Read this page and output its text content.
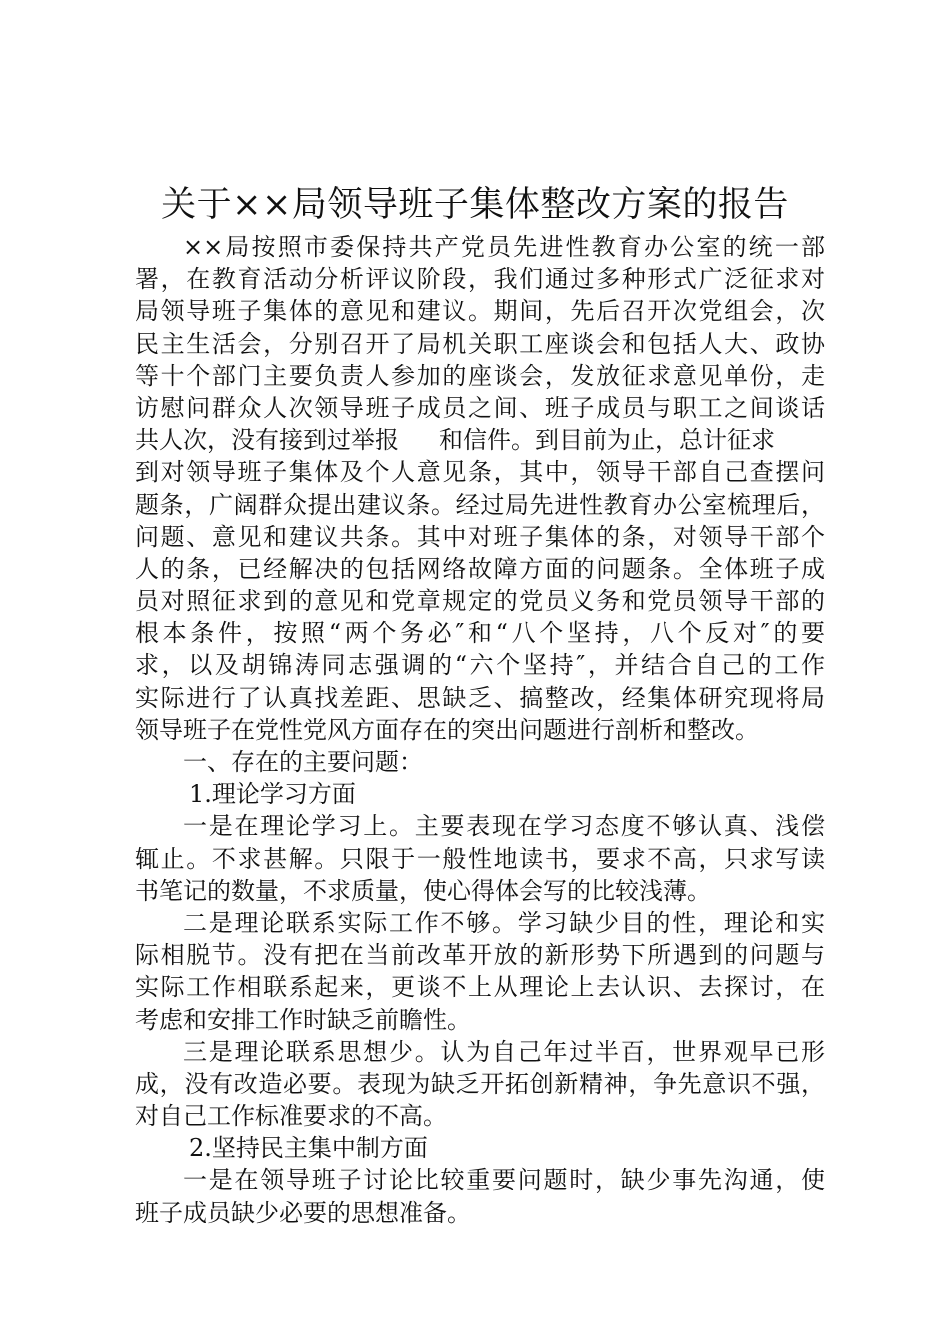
关于××局领导班子集体整改方案的报告
××局按照市委保持共产党员先进性教育办公室的统一部
署，在教育活动分析评议阶段，我们通过多种形式广泛征求对
局领导班子集体的意见和建议。期间，先后召开次党组会，次
民主生活会，分别召开了局机关职工座谈会和包括人大、政协
等十个部门主要负责人参加的座谈会，发放征求意见单份，走
访慰问群众人次领导班子成员之间、班子成员与职工之间谈话
共人次，没有接到过举报 和信件。到目前为止，总计征求
到对领导班子集体及个人意见条，其中，领导干部自己查摆问
题条，广阔群众提出建议条。经过局先进性教育办公室梳理后，
问题、意见和建议共条。其中对班子集体的条，对领导干部个
人的条，已经解决的包括网络故障方面的问题条。全体班子成
员对照征求到的意见和党章规定的党员义务和党员领导干部的
根本条件，按照“两个务必″和“八个坚持，八个反对″的要
求，以及胡锦涛同志强调的“六个坚持″，并结合自己的工作
实际进行了认真找差距、思缺乏、搞整改，经集体研究现将局
领导班子在党性党风方面存在的突出问题进行剖析和整改。
一、存在的主要问题：
1.理论学习方面
一是在理论学习上。主要表现在学习态度不够认真、浅偿
辄止。不求甚解。只限于一般性地读书，要求不高，只求写读
书笔记的数量，不求质量，使心得体会写的比较浅薄。
二是理论联系实际工作不够。学习缺少目的性，理论和实
际相脱节。没有把在当前改革开放的新形势下所遇到的问题与
实际工作相联系起来，更谈不上从理论上去认识、去探讨，在
考虑和安排工作时缺乏前瞻性。
三是理论联系思想少。认为自己年过半百，世界观早已形
成，没有改造必要。表现为缺乏开拓创新精神，争先意识不强，
对自己工作标准要求的不高。
2.坚持民主集中制方面
一是在领导班子讨论比较重要问题时，缺少事先沟通，使
班子成员缺少必要的思想准备。
